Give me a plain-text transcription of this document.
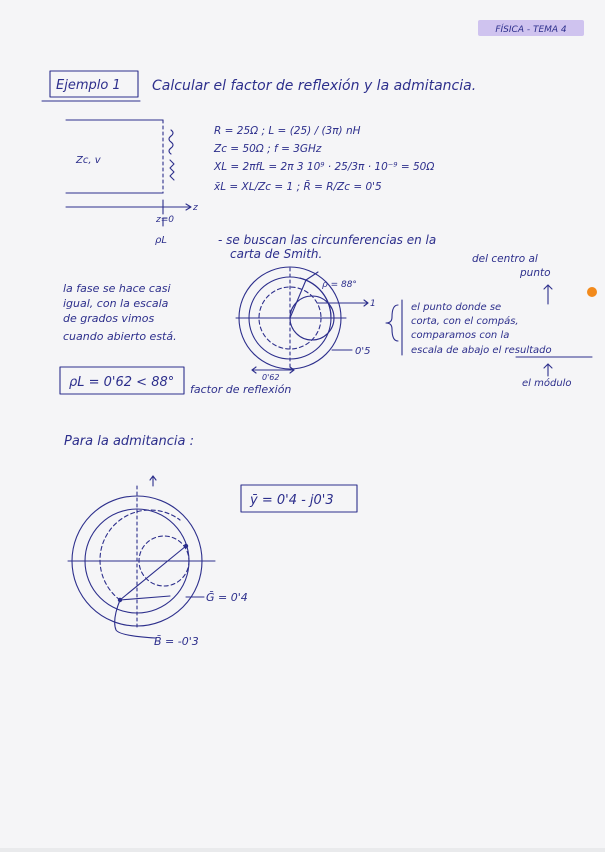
FÍSICA - TEMA 4
Ejemplo 1 Calcular el factor de reflexión y la admitancia.
Zc, v
z
z=0
ρL
R = 25Ω ; L = (25) / (3π) nH
Zc = 50Ω ; f = 3GHz
XL = 2πfL = 2π 3 10⁹ · 25/3π · 10⁻⁹ = 50Ω
x̄L = XL/Zc = 1 ; R̄ = R/Zc = 0'5
- se buscan las circunferencias en la
carta de Smith.
la fase se hace casi
igual, con la escala
de grados vimos
cuando abierto está.
ρ = 88°
1
0'5
0'62
del centro al
punto
el punto donde se
corta, con el compás,
comparamos con la
escala de abajo el resultado
el módulo
ρL = 0'62 < 88° factor de reflexión
Para la admitancia :
ȳ = 0'4 - j0'3
Ḡ = 0'4
B̄ = -0'3
